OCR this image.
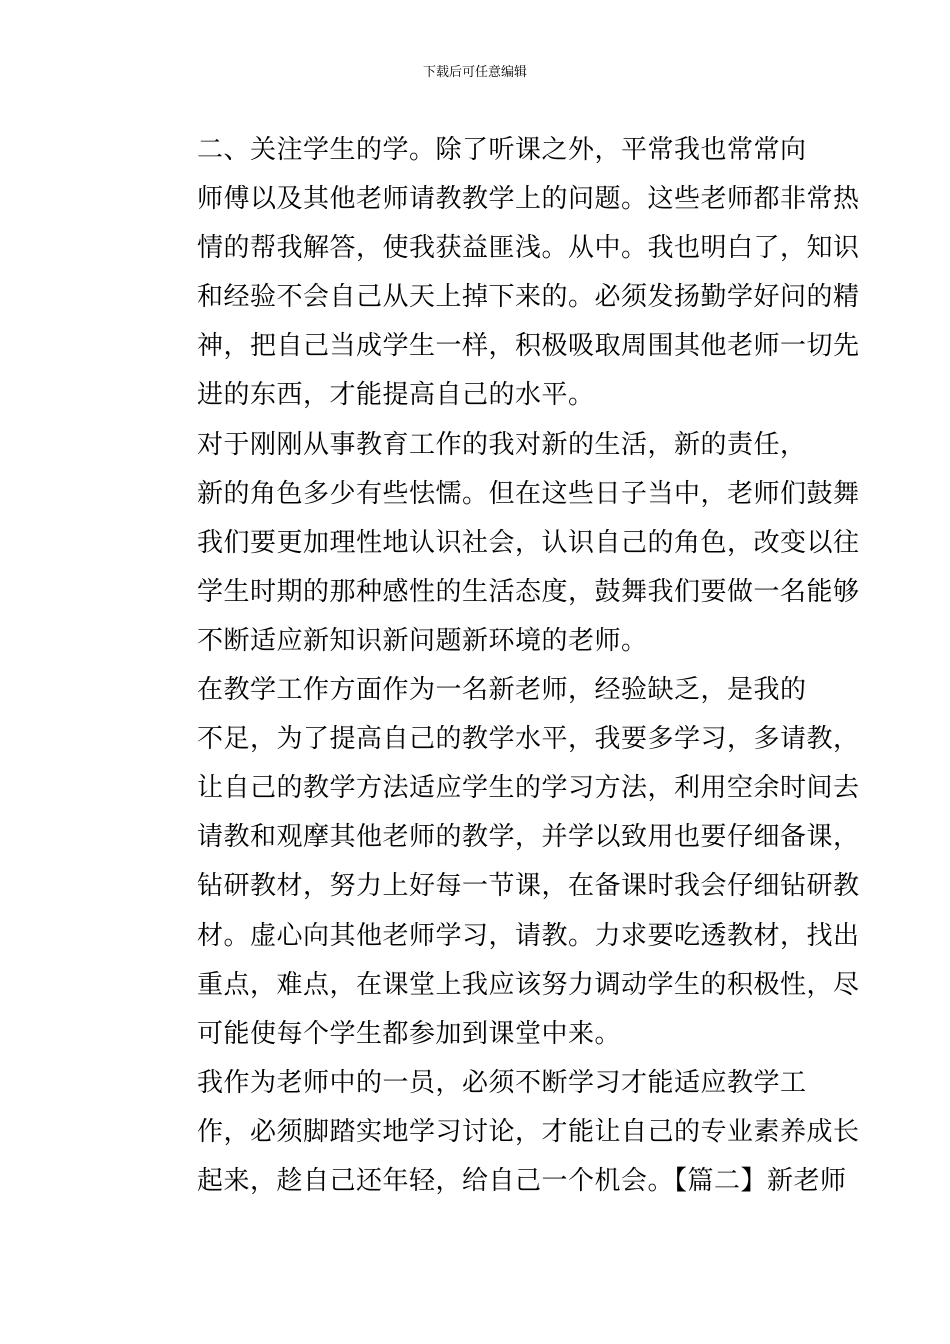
下载后可任意编辑

二、关注学生的学。除了听课之外，平常我也常常向
师傅以及其他老师请教教学上的问题。这些老师都非常热
情的帮我解答，使我获益匪浅。从中。我也明白了，知识
和经验不会自己从天上掉下来的。必须发扬勤学好问的精
神，把自己当成学生一样，积极吸取周围其他老师一切先
进的东西，才能提高自己的水平。

对于刚刚从事教育工作的我对新的生活，新的责任，
新的角色多少有些怯懦。但在这些日子当中，老师们鼓舞
我们要更加理性地认识社会，认识自己的角色，改变以往
学生时期的那种感性的生活态度，鼓舞我们要做一名能够
不断适应新知识新问题新环境的老师。

在教学工作方面作为一名新老师，经验缺乏，是我的
不足，为了提高自己的教学水平，我要多学习，多请教，
让自己的教学方法适应学生的学习方法，利用空余时间去
请教和观摩其他老师的教学，并学以致用也要仔细备课，
钻研教材，努力上好每一节课，在备课时我会仔细钻研教
材。虚心向其他老师学习，请教。力求要吃透教材，找出
重点，难点，在课堂上我应该努力调动学生的积极性，尽
可能使每个学生都参加到课堂中来。

我作为老师中的一员，必须不断学习才能适应教学工
作，必须脚踏实地学习讨论，才能让自己的专业素养成长
起来，趁自己还年轻，给自己一个机会。【篇二】新老师
